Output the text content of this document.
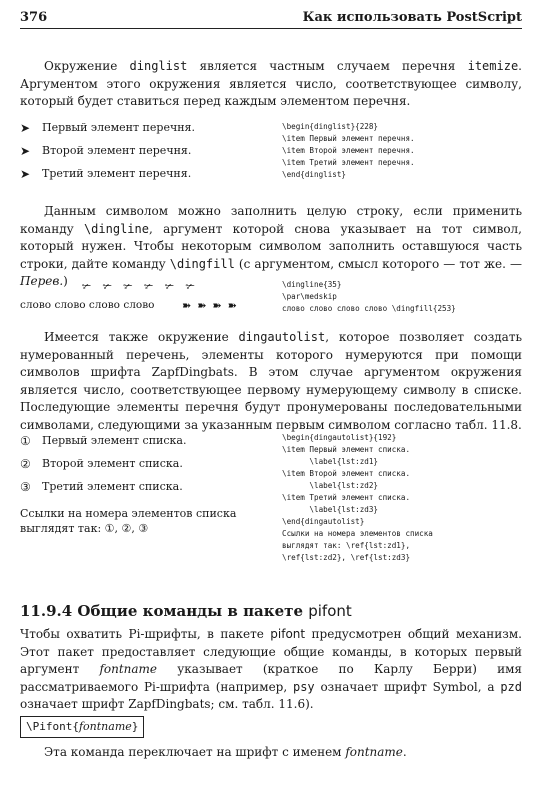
376	Как использовать PostScript
Окружение dinglist является частным случаем перечня itemize. Аргументом этого окружения является число, соответствующее символу, который будет ставиться перед каждым элементом перечня.
➤	Первый элемент перечня.
➤	Второй элемент перечня.
➤	Третий элемент перечня.
\begin{dinglist}{228}
\item Первый элемент перечня.
\item Второй элемент перечня.
\item Третий элемент перечня.
\end{dinglist}
Данным символом можно заполнить целую строку, если применить команду \dingline, аргумент которой снова указывает на тот символ, который нужен. Чтобы некоторым символом заполнить оставшуюся часть строки, дайте команду \dingfill (с аргументом, смысл которого — тот же. — Перев.)	✃ ✃ ✃ ✃ ✃ ✃
слово слово слово слово	➽➽➽➽
\dingline{35}
\par\medskip
слово слово слово слово \dingfill{253}
Имеется также окружение dingautolist, которое позволяет создать нумерованный перечень, элементы которого нумеруются при помощи символов шрифта ZapfDingbats. В этом случае аргументом окружения является число, соответствующее первому нумерующему символу в списке. Последующие элементы перечня будут пронумерованы последовательными символами, следующими за указанным первым символом согласно табл. 11.8.
①	Первый элемент списка.
②	Второй элемент списка.
③	Третий элемент списка.
Ссылки на номера элементов списка выглядят так: ①, ②, ③
\begin{dingautolist}{192}
\item Первый элемент списка.
\label{lst:zd1}
\item Второй элемент списка.
\label{lst:zd2}
\item Третий элемент списка.
\label{lst:zd3}
\end{dingautolist}
Ссылки на номера элементов списка
выглядят так: \ref{lst:zd1},
\ref{lst:zd2}, \ref{lst:zd3}
11.9.4 Общие команды в пакете pifont
Чтобы охватить Pi-шрифты, в пакете pifont предусмотрен общий механизм. Этот пакет предоставляет следующие общие команды, в которых первый аргумент fontname указывает (краткое по Карлу Берри) имя рассматриваемого Pi-шрифта (например, psy означает шрифт Symbol, а pzd означает шрифт ZapfDingbats; см. табл. 11.6).
\Pifont{fontname}
Эта команда переключает на шрифт с именем fontname.
